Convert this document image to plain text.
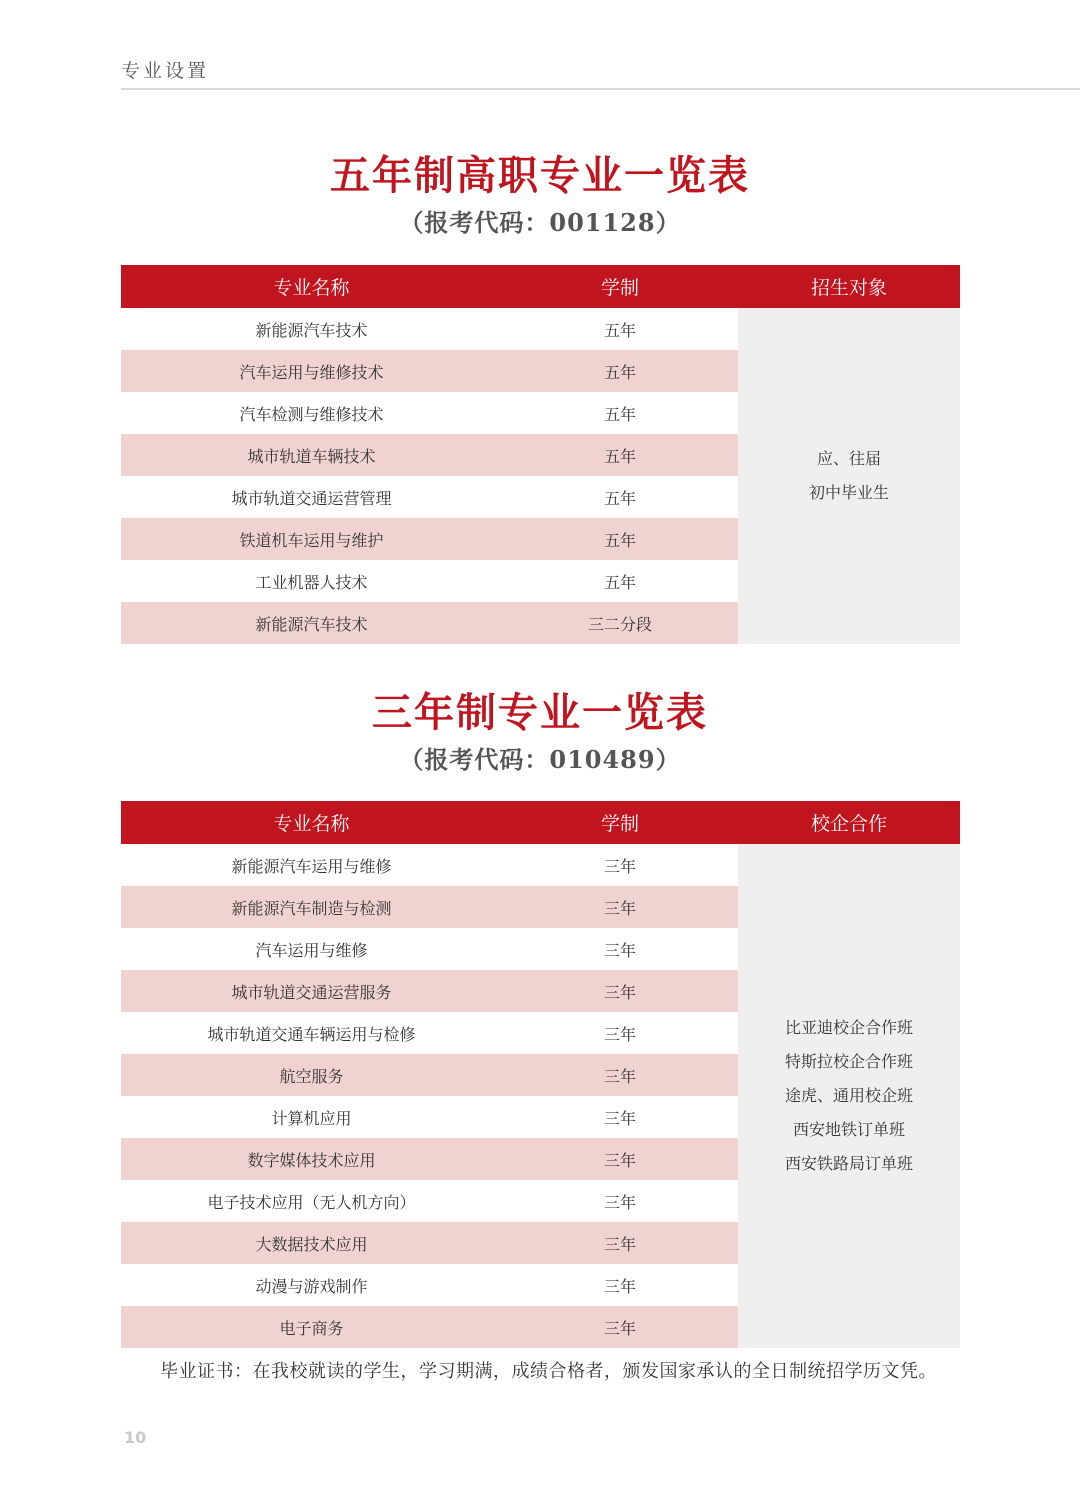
专业设置
五年制高职专业一览表
（报考代码：001128）
专业名称	学制	招生对象
新能源汽车技术	五年	应、往届
初中毕业生

汽车运用与维修技术	五年	
汽车检测与维修技术	五年	
城市轨道车辆技术	五年	
城市轨道交通运营管理	五年	
铁道机车运用与维护	五年	
工业机器人技术	五年	
新能源汽车技术	三二分段	
三年制专业一览表
（报考代码：010489）
专业名称	学制	校企合作
新能源汽车运用与维修	三年	比亚迪校企合作班
特斯拉校企合作班
途虎、通用校企班
西安地铁订单班
西安铁路局订单班

新能源汽车制造与检测	三年	
汽车运用与维修	三年	
城市轨道交通运营服务	三年	
城市轨道交通车辆运用与检修	三年	
航空服务	三年	
计算机应用	三年	
数字媒体技术应用	三年	
电子技术应用（无人机方向）	三年	
大数据技术应用	三年	
动漫与游戏制作	三年	
电子商务	三年	
毕业证书：在我校就读的学生，学习期满，成绩合格者，颁发国家承认的全日制统招学历文凭。
10
